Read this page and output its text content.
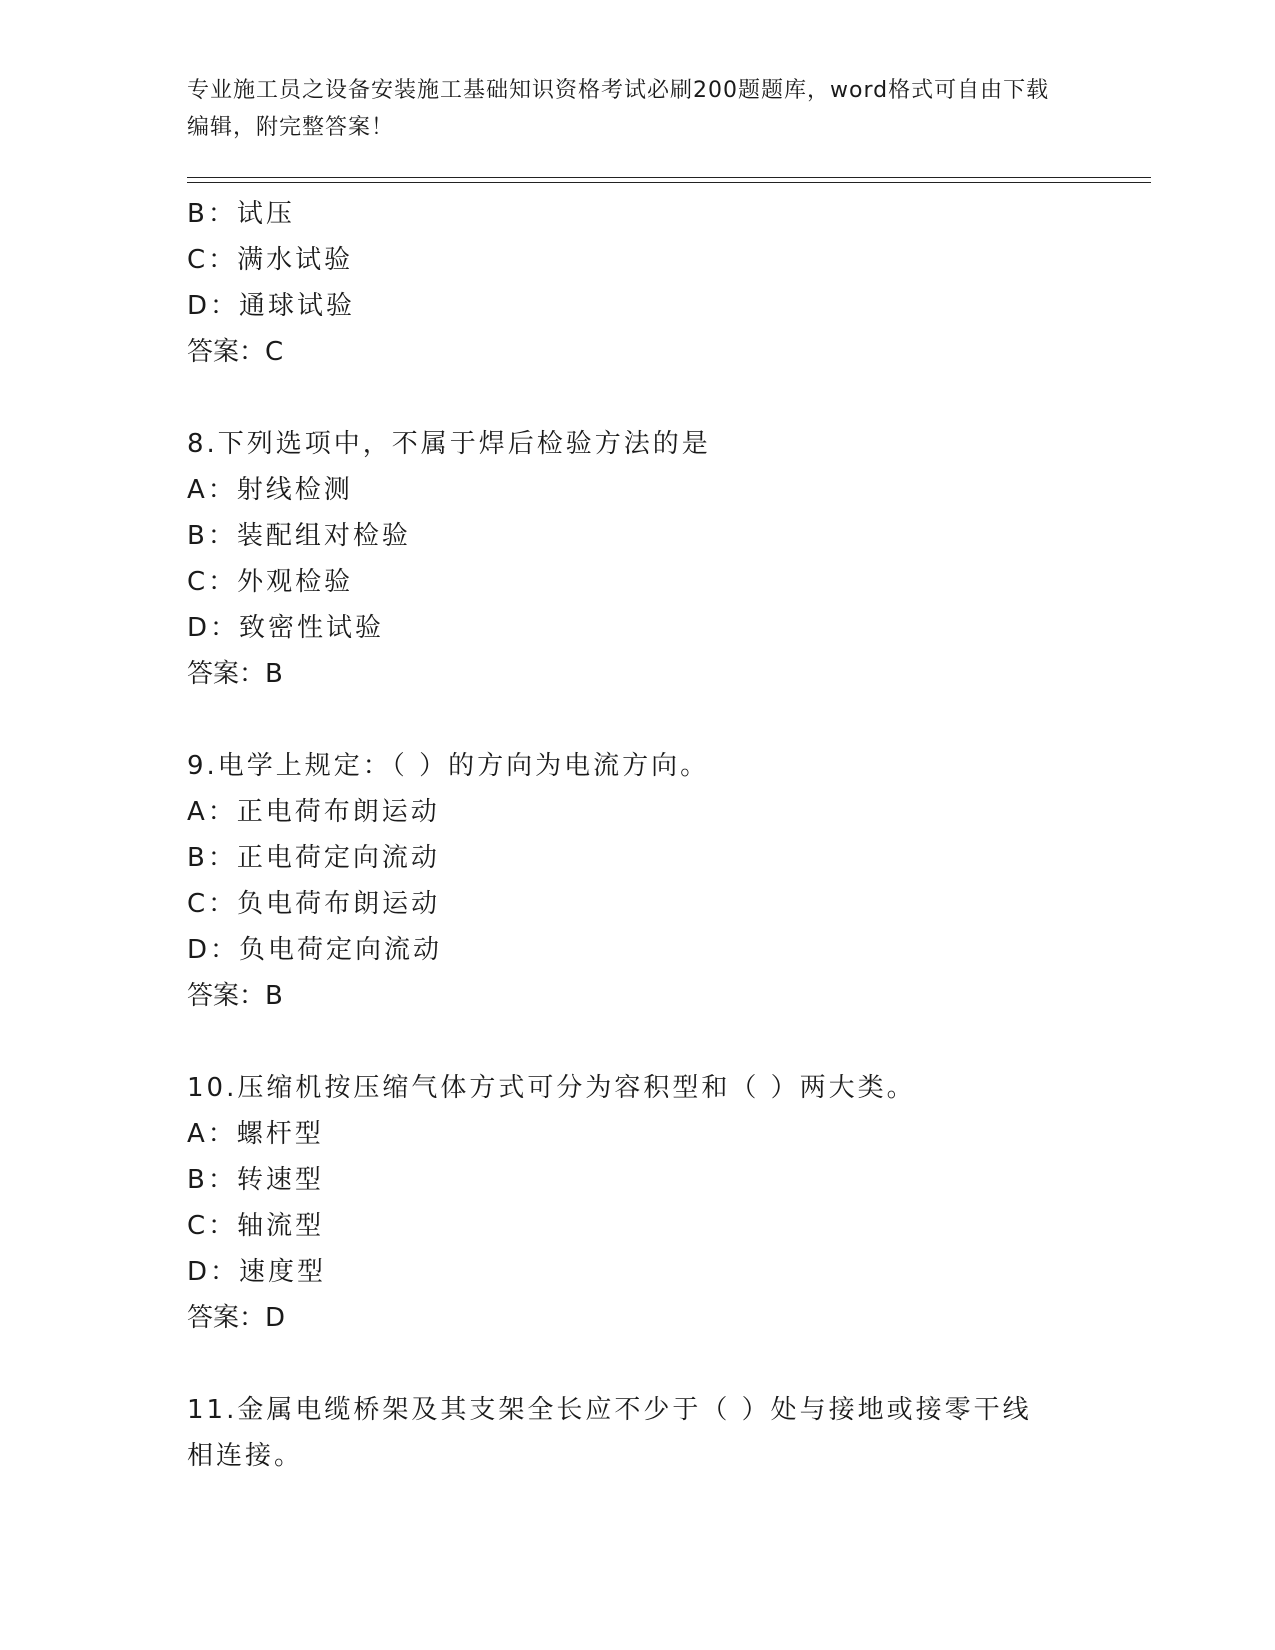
专业施工员之设备安装施工基础知识资格考试必刷200题题库，word格式可自由下载编辑，附完整答案！
B：试压
C：满水试验
D：通球试验
答案：C
8.下列选项中，不属于焊后检验方法的是
A：射线检测
B：装配组对检验
C：外观检验
D：致密性试验
答案：B
9.电学上规定：（ ）的方向为电流方向。
A：正电荷布朗运动
B：正电荷定向流动
C：负电荷布朗运动
D：负电荷定向流动
答案：B
10.压缩机按压缩气体方式可分为容积型和（ ）两大类。
A：螺杆型
B：转速型
C：轴流型
D：速度型
答案：D
11.金属电缆桥架及其支架全长应不少于（ ）处与接地或接零干线相连接。
